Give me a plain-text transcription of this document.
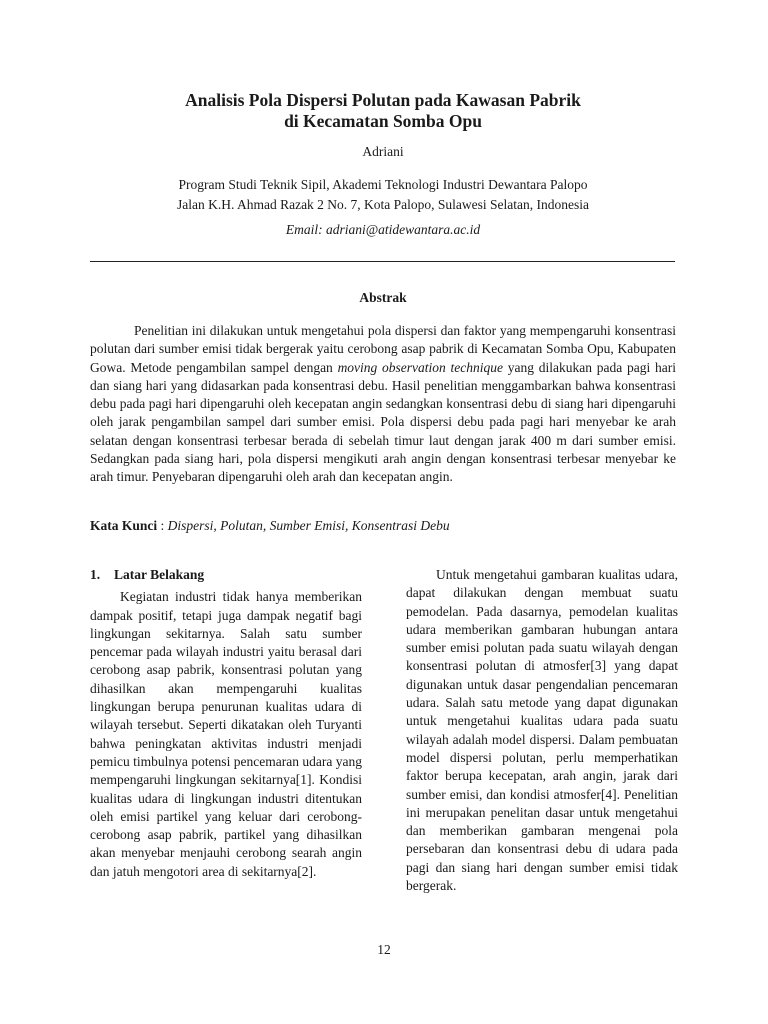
Analisis Pola Dispersi Polutan pada Kawasan Pabrik
di Kecamatan Somba Opu
Adriani
Program Studi Teknik Sipil, Akademi Teknologi Industri Dewantara Palopo
Jalan K.H. Ahmad Razak 2 No. 7, Kota Palopo, Sulawesi Selatan, Indonesia
Email: adriani@atidewantara.ac.id
Abstrak
Penelitian ini dilakukan untuk mengetahui pola dispersi dan faktor yang mempengaruhi konsentrasi polutan dari sumber emisi tidak bergerak yaitu cerobong asap pabrik di Kecamatan Somba Opu, Kabupaten Gowa. Metode pengambilan sampel dengan moving observation technique yang dilakukan pada pagi hari dan siang hari yang didasarkan pada konsentrasi debu. Hasil penelitian menggambarkan bahwa konsentrasi debu pada pagi hari dipengaruhi oleh kecepatan angin sedangkan konsentrasi debu di siang hari dipengaruhi oleh jarak pengambilan sampel dari sumber emisi. Pola dispersi debu pada pagi hari menyebar ke arah selatan dengan konsentrasi terbesar berada di sebelah timur laut dengan jarak 400 m dari sumber emisi. Sedangkan pada siang hari, pola dispersi mengikuti arah angin dengan konsentrasi terbesar menyebar ke arah timur. Penyebaran dipengaruhi oleh arah dan kecepatan angin.
Kata Kunci : Dispersi, Polutan, Sumber Emisi, Konsentrasi Debu
1. Latar Belakang

Kegiatan industri tidak hanya memberikan dampak positif, tetapi juga dampak negatif bagi lingkungan sekitarnya. Salah satu sumber pencemar pada wilayah industri yaitu berasal dari cerobong asap pabrik, konsentrasi polutan yang dihasilkan akan mempengaruhi kualitas lingkungan berupa penurunan kualitas udara di wilayah tersebut. Seperti dikatakan oleh Turyanti bahwa peningkatan aktivitas industri menjadi pemicu timbulnya potensi pencemaran udara yang mempengaruhi lingkungan sekitarnya[1]. Kondisi kualitas udara di lingkungan industri ditentukan oleh emisi partikel yang keluar dari cerobong-cerobong asap pabrik, partikel yang dihasilkan akan menyebar menjauhi cerobong searah angin dan jatuh mengotori area di sekitarnya[2].

Untuk mengetahui gambaran kualitas udara, dapat dilakukan dengan membuat suatu pemodelan. Pada dasarnya, pemodelan kualitas udara memberikan gambaran hubungan antara sumber emisi polutan pada suatu wilayah dengan konsentrasi polutan di atmosfer[3] yang dapat digunakan untuk dasar pengendalian pencemaran udara. Salah satu metode yang dapat digunakan untuk mengetahui kualitas udara pada suatu wilayah adalah model dispersi. Dalam pembuatan model dispersi polutan, perlu memperhatikan faktor berupa kecepatan, arah angin, jarak dari sumber emisi, dan kondisi atmosfer[4]. Penelitian ini merupakan penelitan dasar untuk mengetahui dan memberikan gambaran mengenai pola persebaran dan konsentrasi debu di udara pada pagi dan siang hari dengan sumber emisi tidak bergerak.

12
